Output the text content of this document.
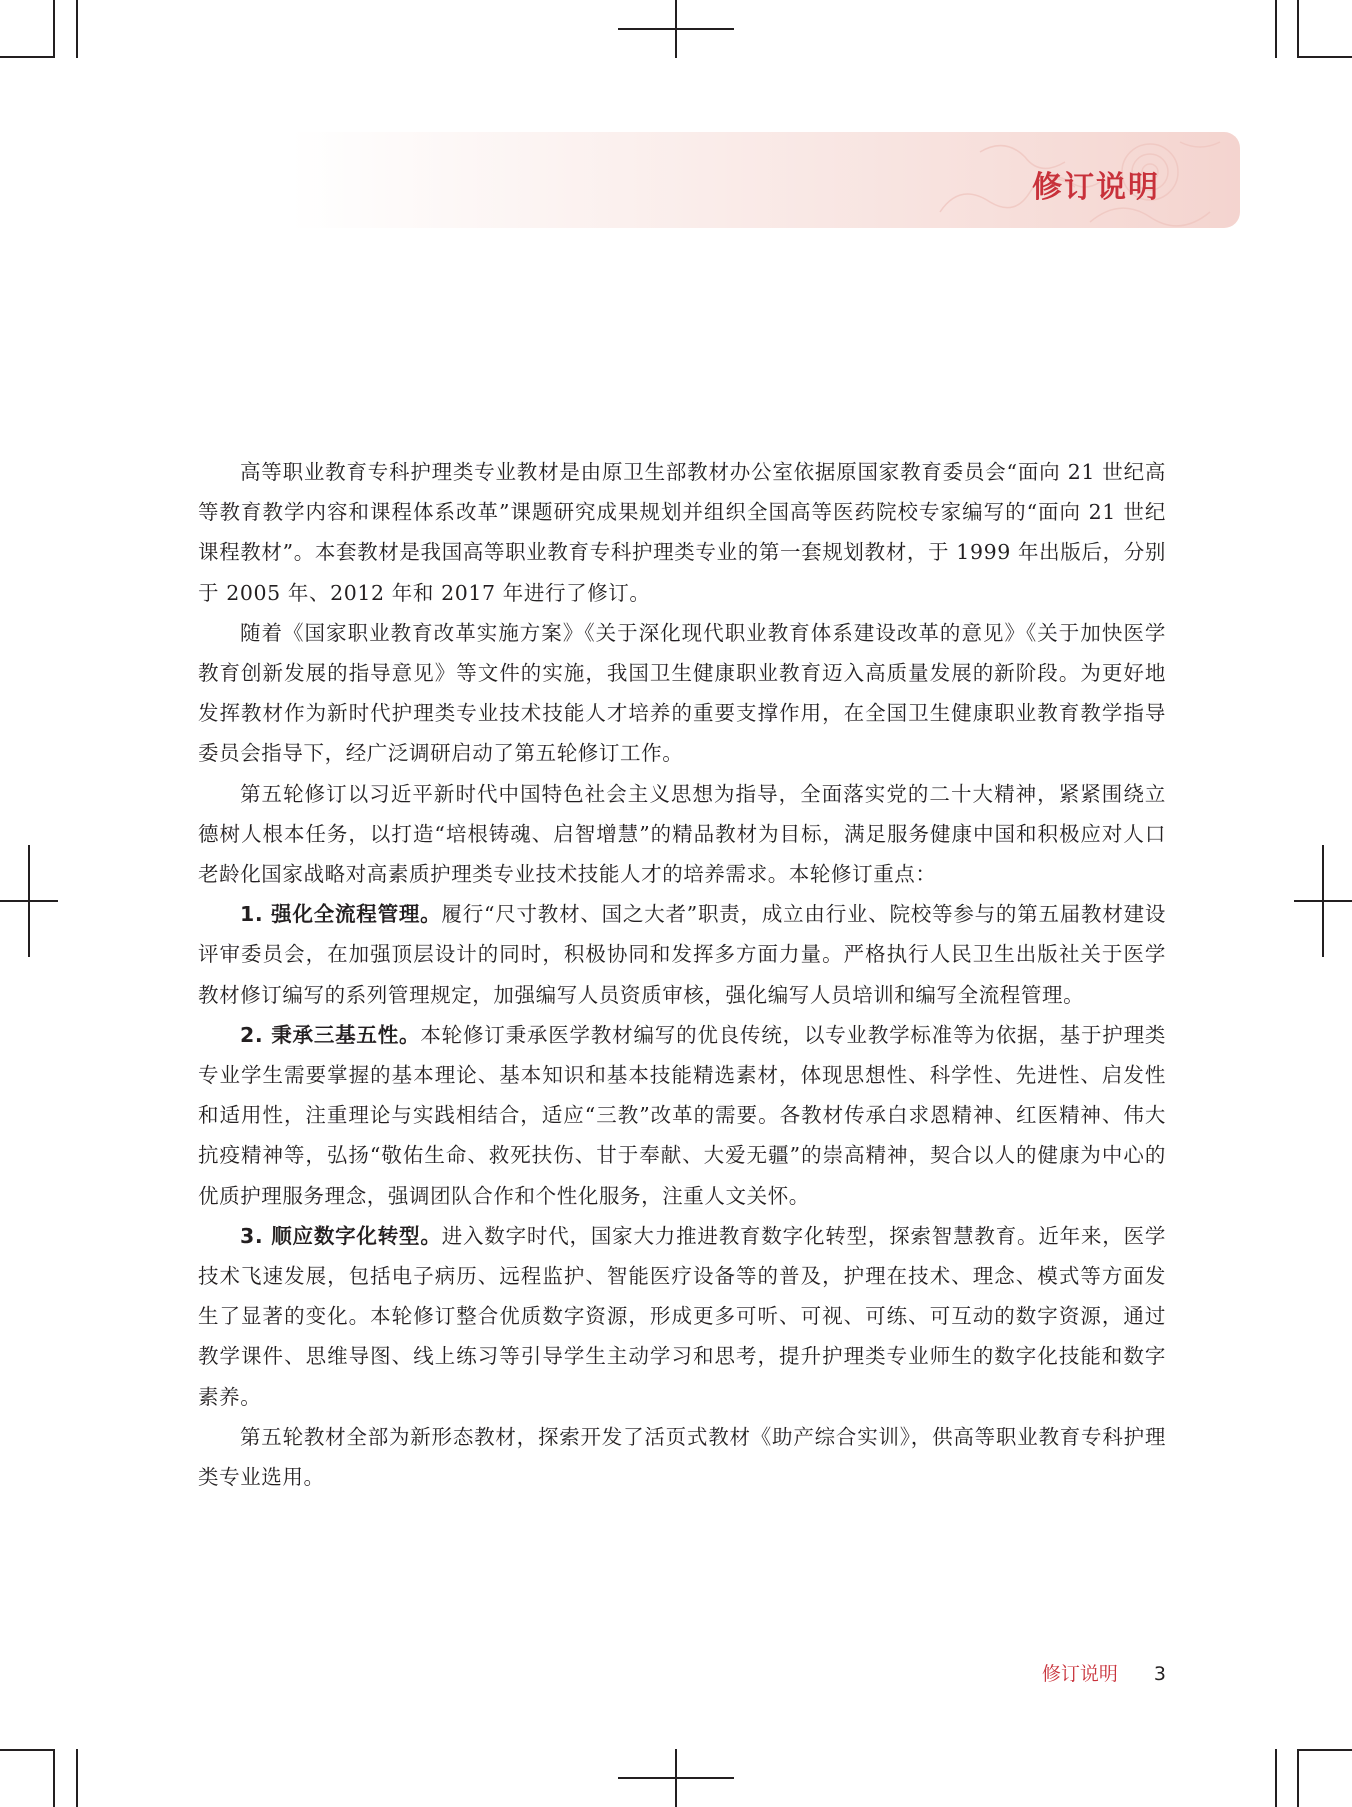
修订说明

高等职业教育专科护理类专业教材是由原卫生部教材办公室依据原国家教育委员会“面向 21 世纪高等教育教学内容和课程体系改革”课题研究成果规划并组织全国高等医药院校专家编写的“面向 21 世纪课程教材”。本套教材是我国高等职业教育专科护理类专业的第一套规划教材，于 1999 年出版后，分别于 2005 年、2012 年和 2017 年进行了修订。

随着《国家职业教育改革实施方案》《关于深化现代职业教育体系建设改革的意见》《关于加快医学教育创新发展的指导意见》等文件的实施，我国卫生健康职业教育迈入高质量发展的新阶段。为更好地发挥教材作为新时代护理类专业技术技能人才培养的重要支撑作用，在全国卫生健康职业教育教学指导委员会指导下，经广泛调研启动了第五轮修订工作。

第五轮修订以习近平新时代中国特色社会主义思想为指导，全面落实党的二十大精神，紧紧围绕立德树人根本任务，以打造“培根铸魂、启智增慧”的精品教材为目标，满足服务健康中国和积极应对人口老龄化国家战略对高素质护理类专业技术技能人才的培养需求。本轮修订重点：

1. 强化全流程管理。履行“尺寸教材、国之大者”职责，成立由行业、院校等参与的第五届教材建设评审委员会，在加强顶层设计的同时，积极协同和发挥多方面力量。严格执行人民卫生出版社关于医学教材修订编写的系列管理规定，加强编写人员资质审核，强化编写人员培训和编写全流程管理。

2. 秉承三基五性。本轮修订秉承医学教材编写的优良传统，以专业教学标准等为依据，基于护理类专业学生需要掌握的基本理论、基本知识和基本技能精选素材，体现思想性、科学性、先进性、启发性和适用性，注重理论与实践相结合，适应“三教”改革的需要。各教材传承白求恩精神、红医精神、伟大抗疫精神等，弘扬“敬佑生命、救死扶伤、甘于奉献、大爱无疆”的崇高精神，契合以人的健康为中心的优质护理服务理念，强调团队合作和个性化服务，注重人文关怀。

3. 顺应数字化转型。进入数字时代，国家大力推进教育数字化转型，探索智慧教育。近年来，医学技术飞速发展，包括电子病历、远程监护、智能医疗设备等的普及，护理在技术、理念、模式等方面发生了显著的变化。本轮修订整合优质数字资源，形成更多可听、可视、可练、可互动的数字资源，通过教学课件、思维导图、线上练习等引导学生主动学习和思考，提升护理类专业师生的数字化技能和数字素养。

第五轮教材全部为新形态教材，探索开发了活页式教材《助产综合实训》，供高等职业教育专科护理类专业选用。

修订说明 3
